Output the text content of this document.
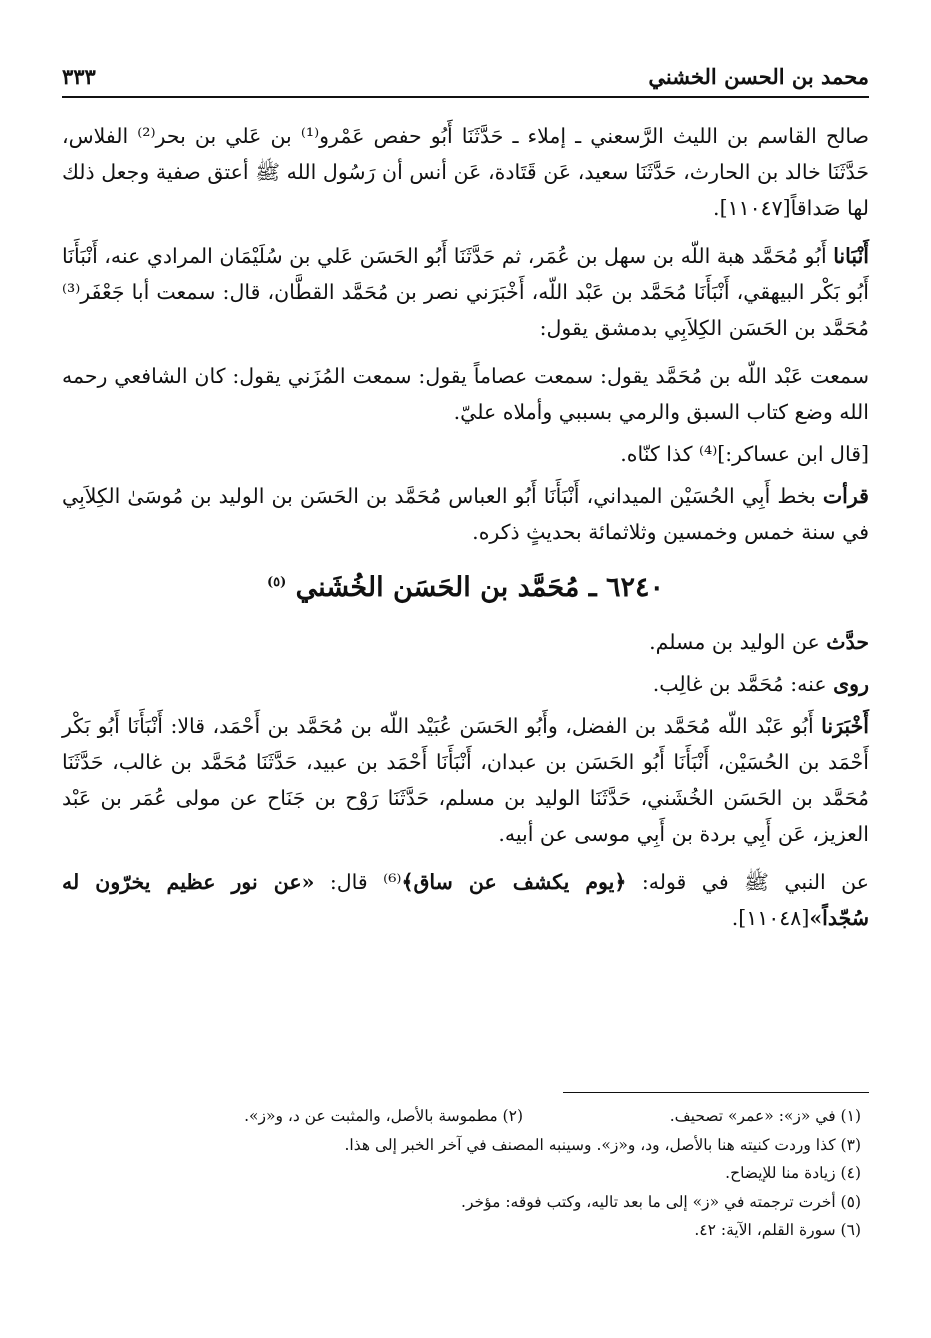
محمد بن الحسن الخشني
٣٣٣

صالح القاسم بن الليث الرَّسعني ـ إملاء ـ حَدَّثَنَا أَبُو حفص عَمْرو⁽¹⁾ بن عَلي بن بحر⁽²⁾ الفلاس، حَدَّثَنَا خالد بن الحارث، حَدَّثَنَا سعيد، عَن قَتَادة، عَن أنس أن رَسُول الله ﷺ أعتق صفية وجعل ذلك لها صَداقاً[١١٠٤٧].

أَنْبَانا أَبُو مُحَمَّد هبة اللّه بن سهل بن عُمَر، ثم حَدَّثَنَا أَبُو الحَسَن عَلي بن سُلَيْمَان المرادي عنه، أَنْبَأَنَا أَبُو بَكْر البيهقي، أَنْبَأَنَا مُحَمَّد بن عَبْد اللّه، أَخْبَرَني نصر بن مُحَمَّد القطَّان، قال: سمعت أبا جَعْفَر⁽³⁾ مُحَمَّد بن الحَسَن الكِلاَبِي بدمشق يقول:

سمعت عَبْد اللّه بن مُحَمَّد يقول: سمعت عصاماً يقول: سمعت المُزَني يقول: كان الشافعي رحمه الله وضع كتاب السبق والرمي بسببي وأملاه عليّ.

[قال ابن عساكر:]⁽⁴⁾ كذا كنّاه.

قرأت بخط أَبِي الحُسَيْن الميداني، أَنْبَأَنَا أَبُو العباس مُحَمَّد بن الحَسَن بن الوليد بن مُوسَىٰ الكِلاَبِي في سنة خمس وخمسين وثلاثمائة بحديثٍ ذكره.

٦٢٤٠ ـ مُحَمَّد بن الحَسَن الخُشَني $^{(٥)}$

حدَّث عن الوليد بن مسلم.

روى عنه: مُحَمَّد بن غالِب.

أَخْبَرَنا أَبُو عَبْد اللّه مُحَمَّد بن الفضل، وأَبُو الحَسَن عُبَيْد اللّه بن مُحَمَّد بن أَحْمَد، قالا: أَنْبَأَنَا أَبُو بَكْر أَحْمَد بن الحُسَيْن، أَنْبَأَنَا أَبُو الحَسَن بن عبدان، أَنْبَأَنَا أَحْمَد بن عبيد، حَدَّثَنَا مُحَمَّد بن غالب، حَدَّثَنَا مُحَمَّد بن الحَسَن الخُشَني، حَدَّثَنَا الوليد بن مسلم، حَدَّثَنَا رَوْح بن جَنَاح عن مولى عُمَر بن عَبْد العزيز، عَن أَبِي بردة بن أَبِي موسى عن أبيه.

عن النبي ﷺ في قوله: ﴿يوم يكشف عن ساق﴾⁽⁶⁾ قال: «عن نور عظيم يخرّون له سُجّداً»[١١٠٤٨].

(١) في «ز»: «عمر» تصحيف.
(٢) مطموسة بالأصل، والمثبت عن د، و«ز».
(٣) كذا وردت كنيته هنا بالأصل، ود، و«ز». وسينبه المصنف في آخر الخبر إلى هذا.
(٤) زيادة منا للإيضاح.
(٥) أخرت ترجمته في «ز» إلى ما بعد تاليه، وكتب فوقه: مؤخر.
(٦) سورة القلم، الآية: ٤٢.
